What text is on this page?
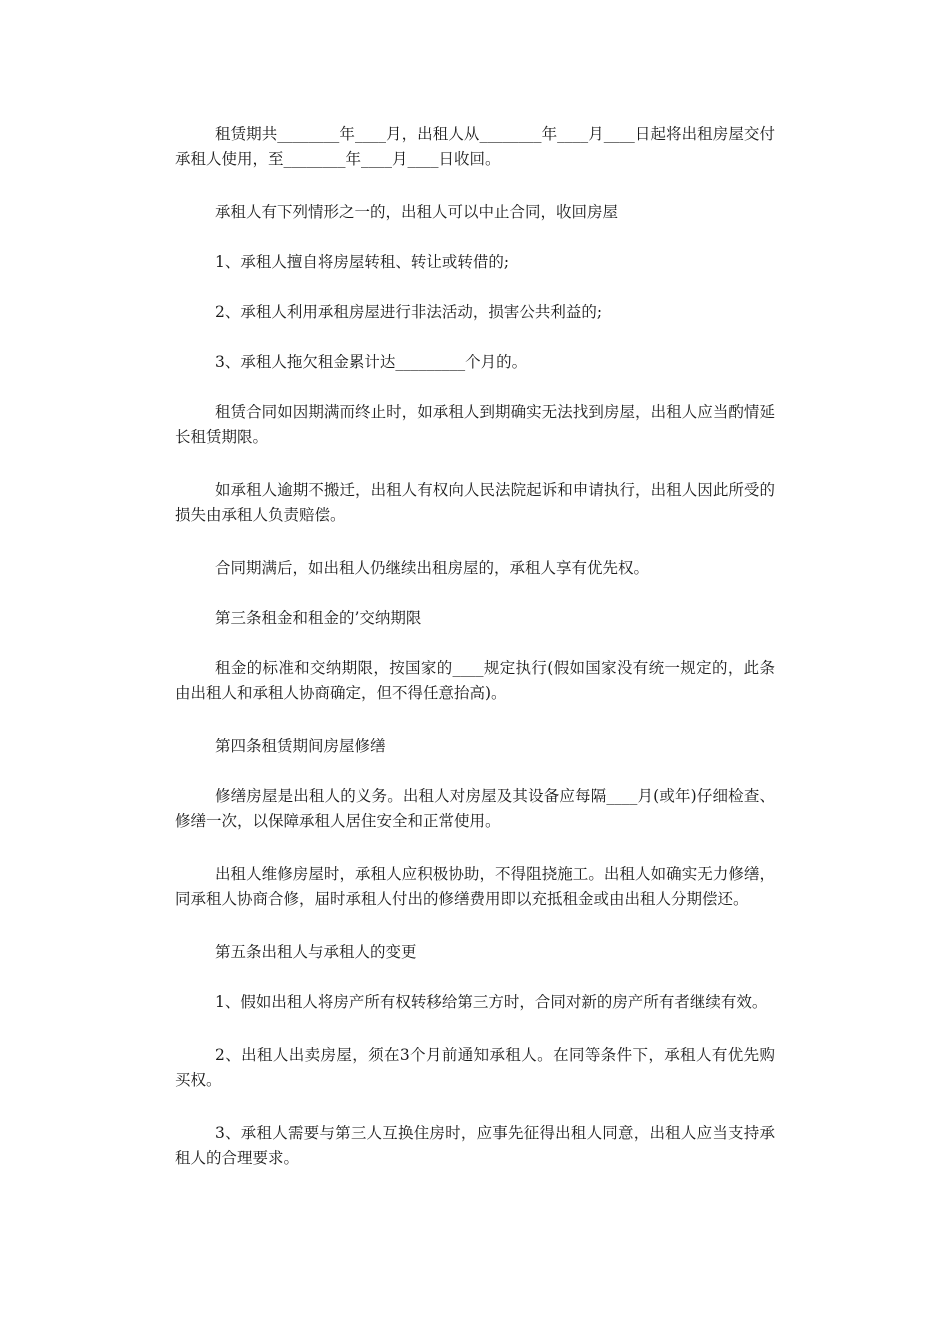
租赁期共________年____月，出租人从________年____月____日起将出租房屋交付承租人使用，至________年____月____日收回。

承租人有下列情形之一的，出租人可以中止合同，收回房屋

1、承租人擅自将房屋转租、转让或转借的;

2、承租人利用承租房屋进行非法活动，损害公共利益的;

3、承租人拖欠租金累计达_________个月的。

租赁合同如因期满而终止时，如承租人到期确实无法找到房屋，出租人应当酌情延长租赁期限。

如承租人逾期不搬迁，出租人有权向人民法院起诉和申请执行，出租人因此所受的损失由承租人负责赔偿。

合同期满后，如出租人仍继续出租房屋的，承租人享有优先权。

第三条租金和租金的’交纳期限

租金的标准和交纳期限，按国家的____规定执行(假如国家没有统一规定的，此条由出租人和承租人协商确定，但不得任意抬高)。

第四条租赁期间房屋修缮

修缮房屋是出租人的义务。出租人对房屋及其设备应每隔____月(或年)仔细检查、修缮一次，以保障承租人居住安全和正常使用。

出租人维修房屋时，承租人应积极协助，不得阻挠施工。出租人如确实无力修缮，同承租人协商合修，届时承租人付出的修缮费用即以充抵租金或由出租人分期偿还。

第五条出租人与承租人的变更

1、假如出租人将房产所有权转移给第三方时，合同对新的房产所有者继续有效。

2、出租人出卖房屋，须在3个月前通知承租人。在同等条件下，承租人有优先购买权。

3、承租人需要与第三人互换住房时，应事先征得出租人同意，出租人应当支持承租人的合理要求。
